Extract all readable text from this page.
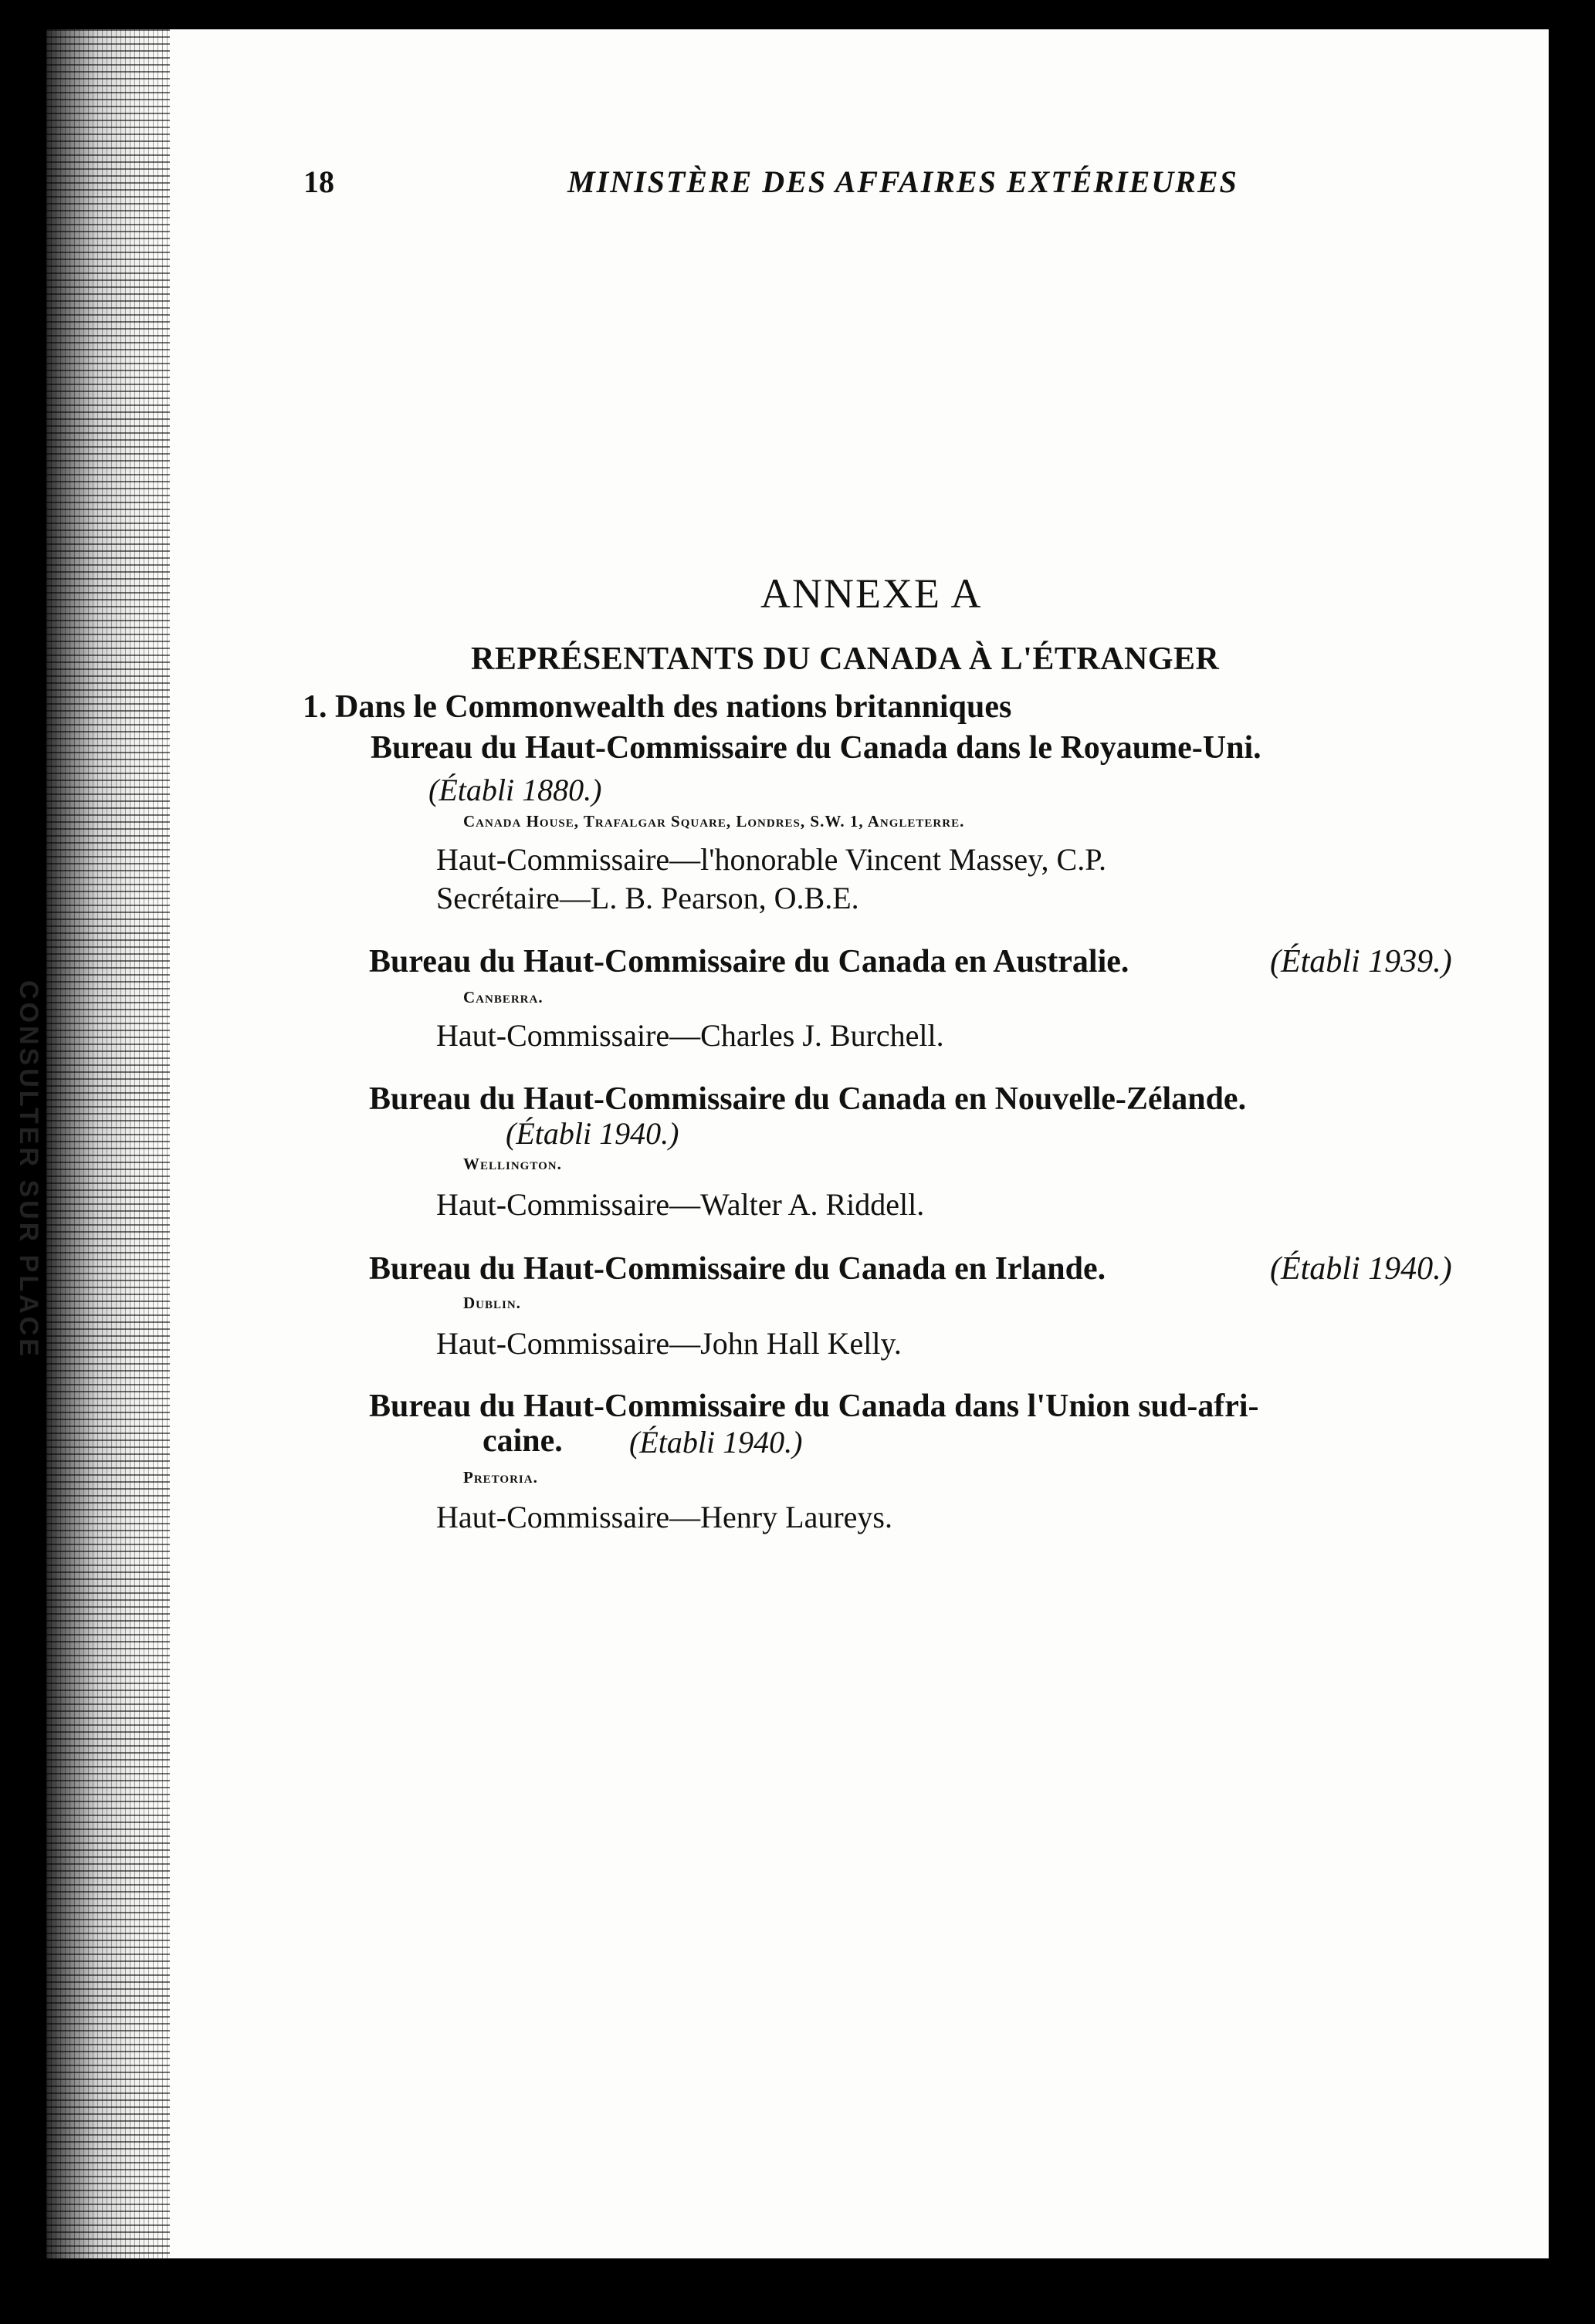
CONSULTER SUR PLACE
18	MINISTÈRE DES AFFAIRES EXTÉRIEURES
ANNEXE A
REPRÉSENTANTS DU CANADA À L'ÉTRANGER
1. Dans le Commonwealth des nations britanniques
Bureau du Haut-Commissaire du Canada dans le Royaume-Uni.
(Établi 1880.)
Canada House, Trafalgar Square, Londres, S.W. 1, Angleterre.
Haut-Commissaire—l'honorable Vincent Massey, C.P.
Secrétaire—L. B. Pearson, O.B.E.
Bureau du Haut-Commissaire du Canada en Australie.	(Établi 1939.)
Canberra.
Haut-Commissaire—Charles J. Burchell.
Bureau du Haut-Commissaire du Canada en Nouvelle-Zélande.
(Établi 1940.)
Wellington.
Haut-Commissaire—Walter A. Riddell.
Bureau du Haut-Commissaire du Canada en Irlande.	(Établi 1940.)
Dublin.
Haut-Commissaire—John Hall Kelly.
Bureau du Haut-Commissaire du Canada dans l'Union sud-afri-
caine. (Établi 1940.)
Pretoria.
Haut-Commissaire—Henry Laureys.
